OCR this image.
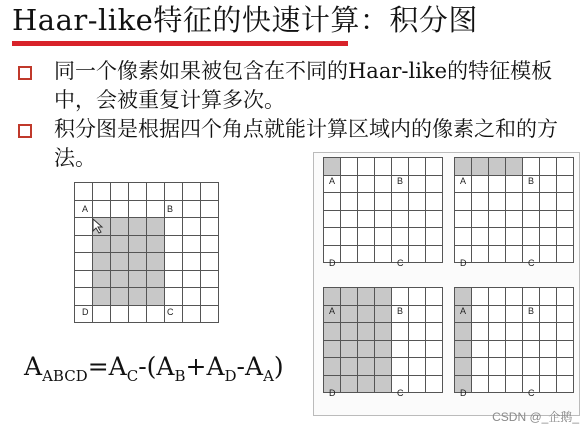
Haar-like特征的快速计算：积分图
同一个像素如果被包含在不同的Haar-like的特征模板中，会被重复计算多次。
积分图是根据四个角点就能计算区域内的像素之和的方法。
A	B
D	C
A	B
D	C
A	B
D	C
A	B
D	C
A	B
D	C
$A_{ABCD}=A_C-(A_B+A_D-A_A)$
CSDN @_企鹅_
